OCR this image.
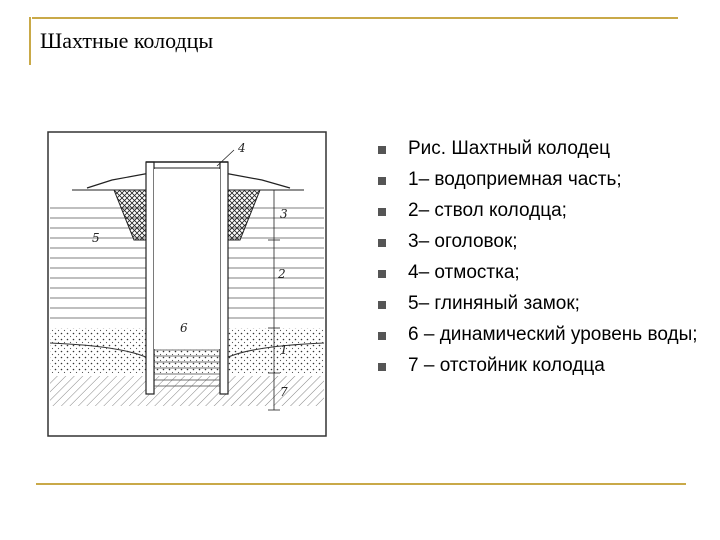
Шахтные колодцы
4
3
5
2
6
1
7
Рис. Шахтный колодец
1– водоприемная часть;
2– ствол колодца;
3– оголовок;
4– отмостка;
5– глиняный замок;
6 – динамический уровень воды;
7 – отстойник колодца
